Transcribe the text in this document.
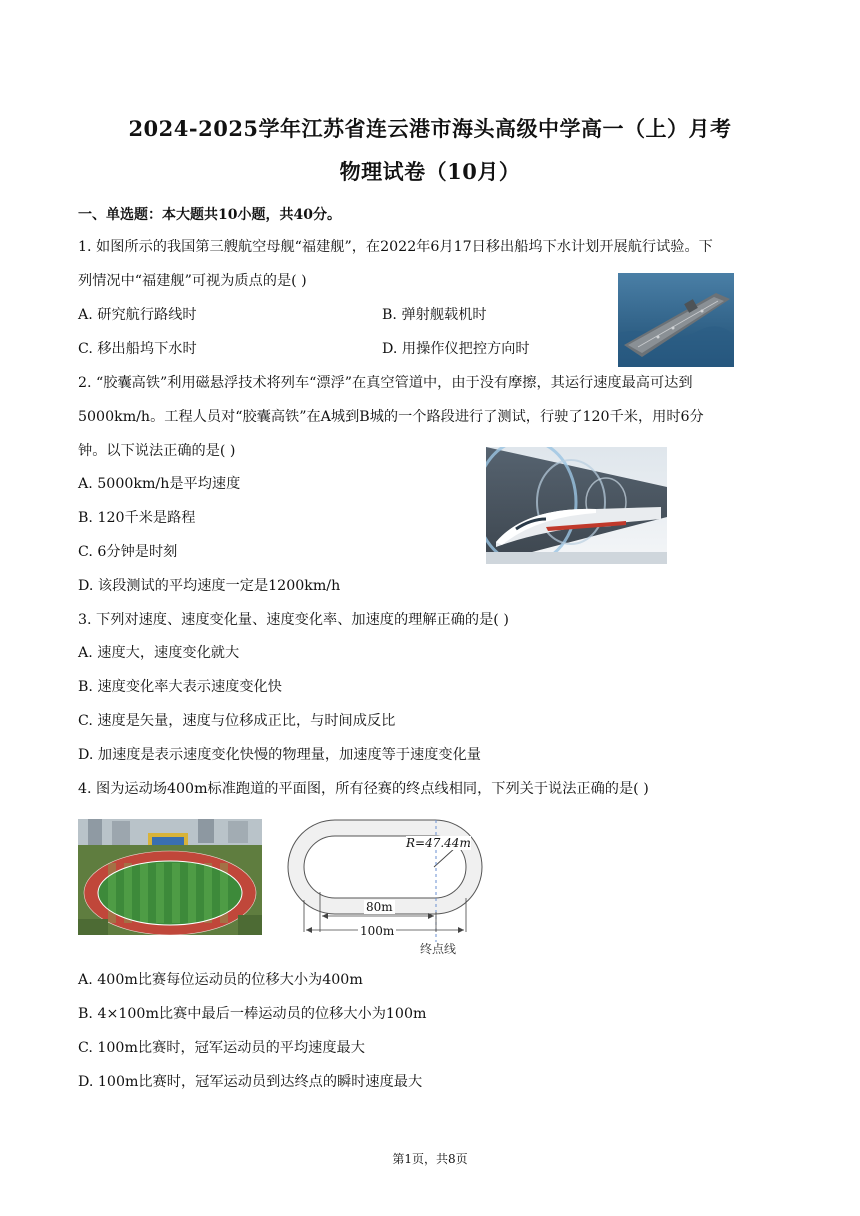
2024-2025学年江苏省连云港市海头高级中学高一（上）月考
物理试卷（10月）
一、单选题：本大题共10小题，共40分。
1. 如图所示的我国第三艘航空母舰“福建舰”，在2022年6月17日移出船坞下水计划开展航行试验。下
列情况中“福建舰”可视为质点的是( )
A. 研究航行路线时	B. 弹射舰载机时
C. 移出船坞下水时	D. 用操作仪把控方向时
2. “胶囊高铁”利用磁悬浮技术将列车“漂浮”在真空管道中，由于没有摩擦，其运行速度最高可达到
5000km/h。工程人员对“胶囊高铁”在A城到B城的一个路段进行了测试，行驶了120千米，用时6分
钟。以下说法正确的是( )
A. 5000km/h是平均速度
B. 120千米是路程
C. 6分钟是时刻
D. 该段测试的平均速度一定是1200km/h
3. 下列对速度、速度变化量、速度变化率、加速度的理解正确的是( )
A. 速度大，速度变化就大
B. 速度变化率大表示速度变化快
C. 速度是矢量，速度与位移成正比，与时间成反比
D. 加速度是表示速度变化快慢的物理量，加速度等于速度变化量
4. 图为运动场400m标准跑道的平面图，所有径赛的终点线相同，下列关于说法正确的是( )
R=47.44m
80m
100m
终点线
A. 400m比赛每位运动员的位移大小为400m
B. 4×100m比赛中最后一棒运动员的位移大小为100m
C. 100m比赛时，冠军运动员的平均速度最大
D. 100m比赛时，冠军运动员到达终点的瞬时速度最大
第1页，共8页
